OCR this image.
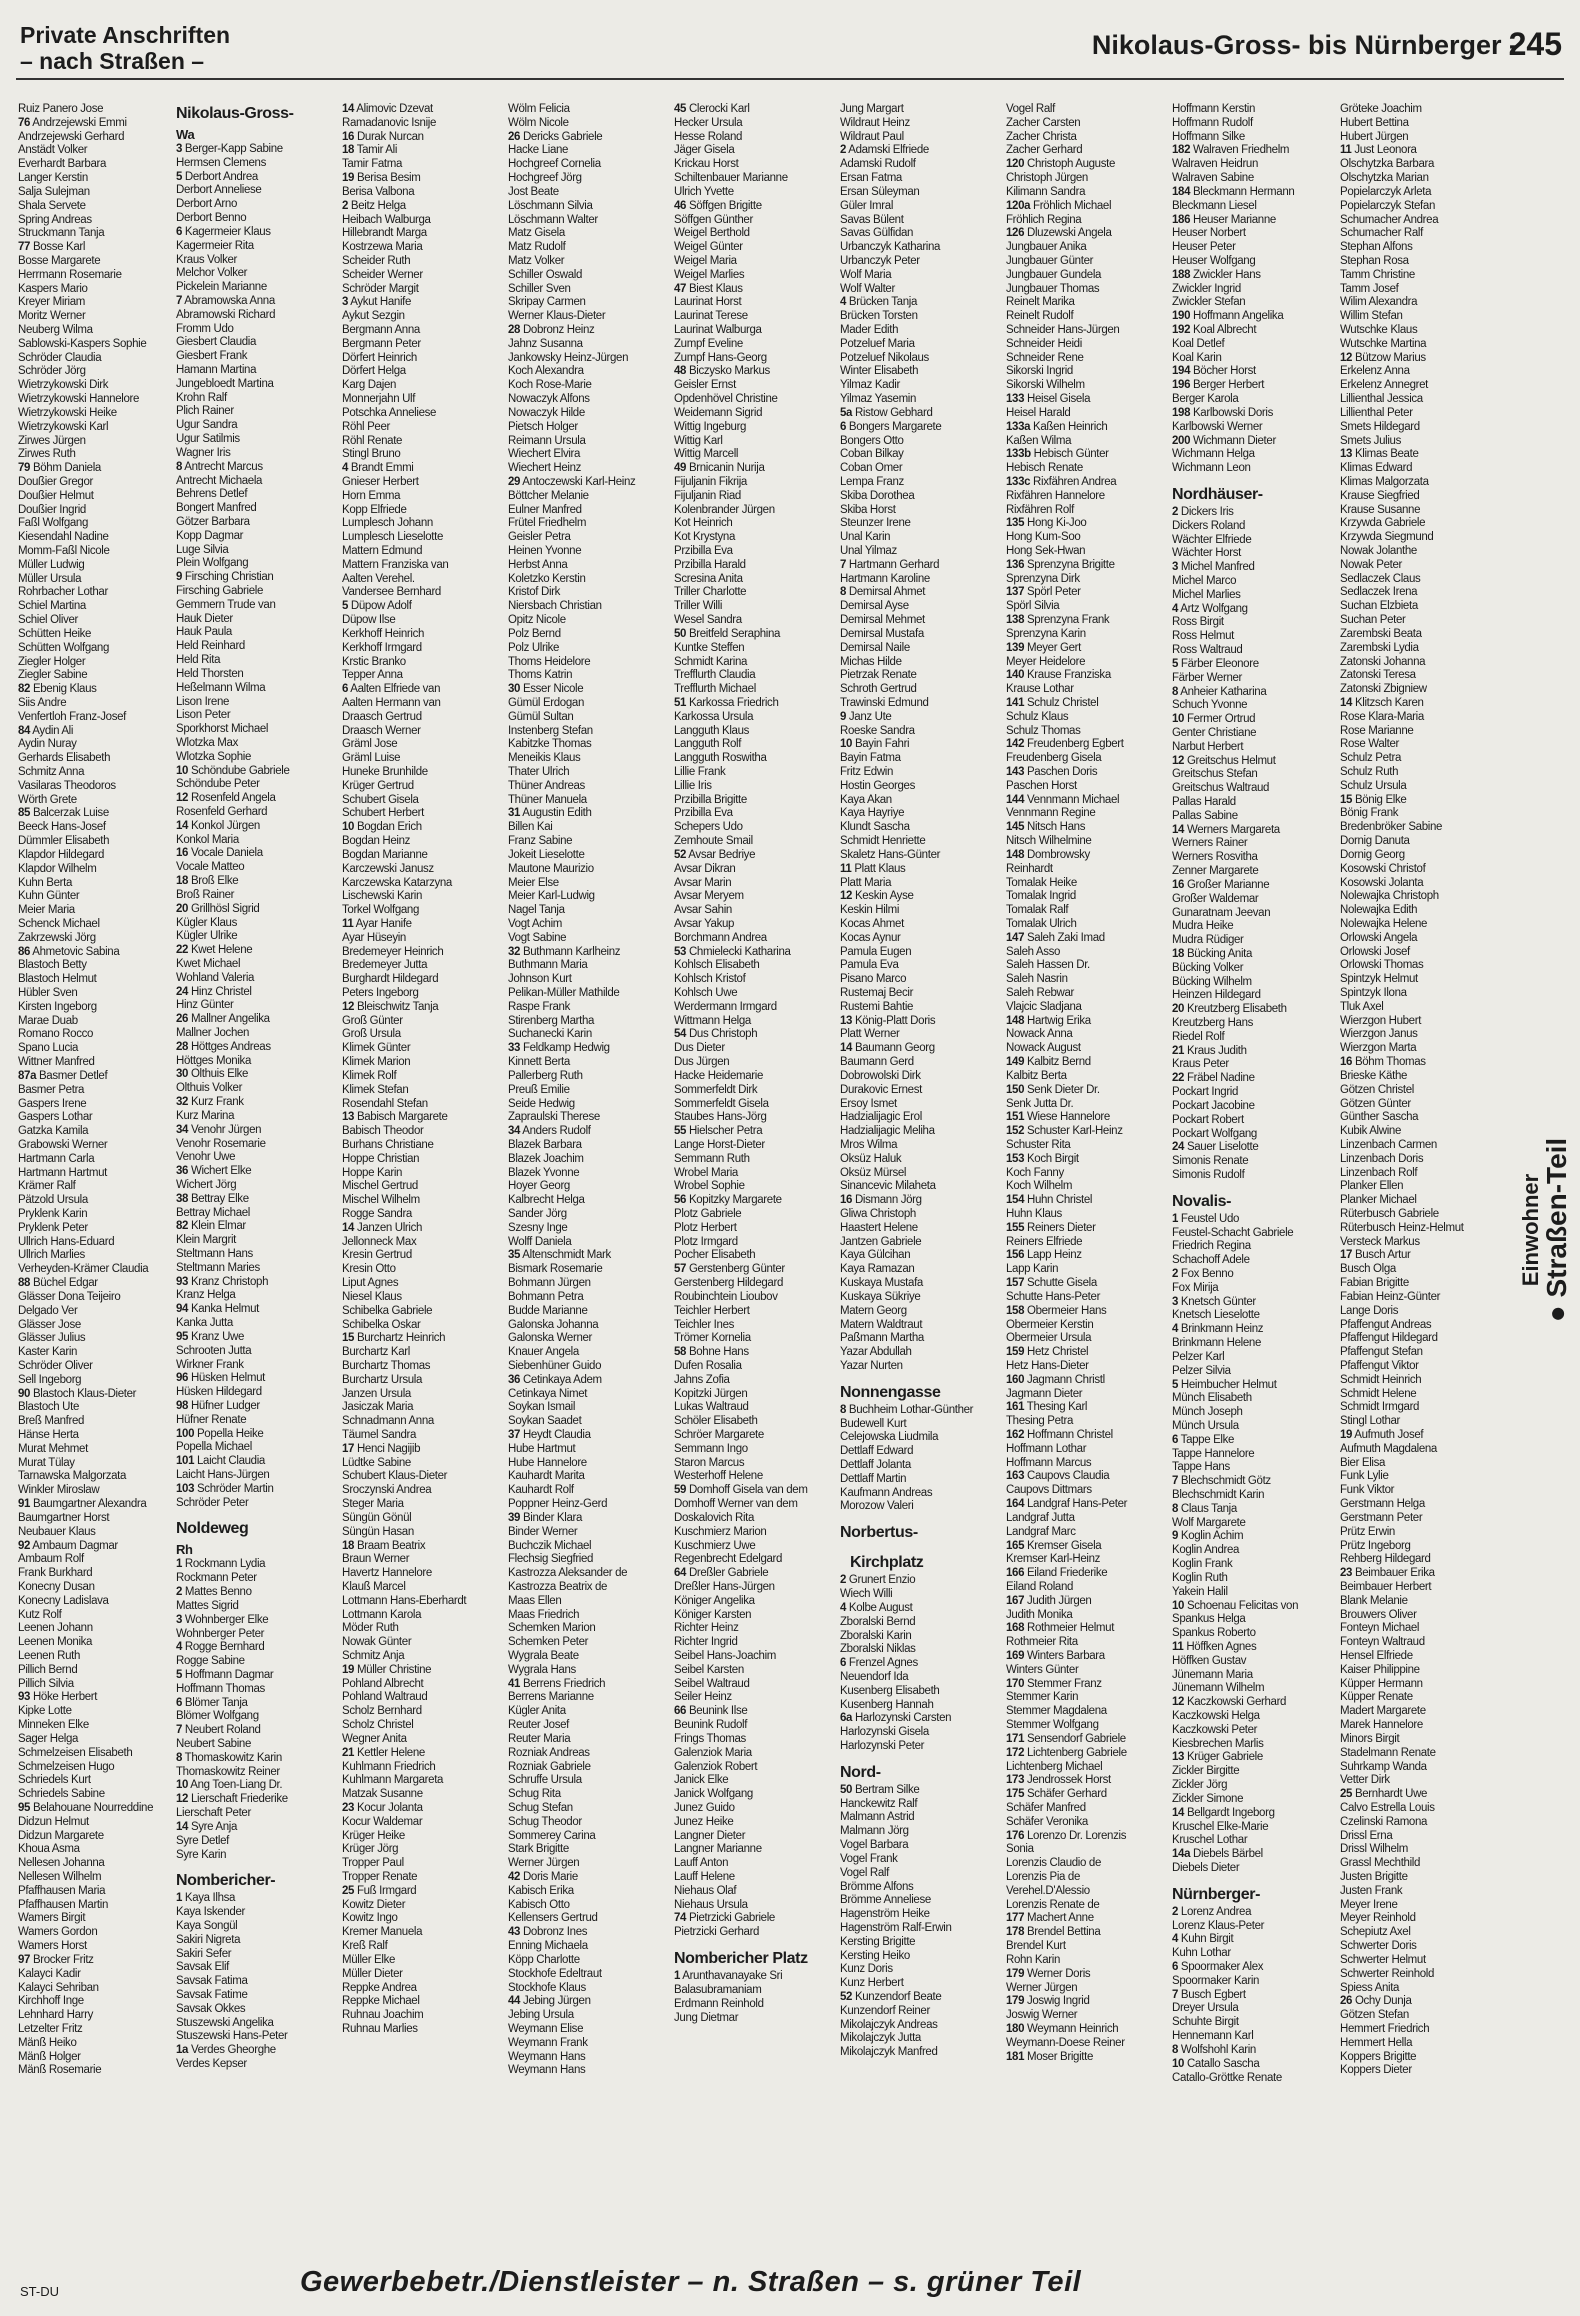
Private Anschriften
– nach Straßen –
Nikolaus-Gross- bis Nürnberger -
245
Ruiz Panero Jose
76 Andrzejewski Emmi
Andrzejewski Gerhard
Anstädt Volker
Everhardt Barbara
Langer Kerstin
Salja Sulejman
Shala Servete
Spring Andreas
Struckmann Tanja
77 Bosse Karl
Bosse Margarete
Herrmann Rosemarie
Kaspers Mario
Kreyer Miriam
Moritz Werner
Neuberg Wilma
Sablowski-Kaspers Sophie
Schröder Claudia
Schröder Jörg
Wietrzykowski Dirk
Wietrzykowski Hannelore
Wietrzykowski Heike
Wietrzykowski Karl
Zirwes Jürgen
Zirwes Ruth
79 Böhm Daniela
Doußier Gregor
Doußier Helmut
Doußier Ingrid
Faßl Wolfgang
Kiesendahl Nadine
Momm-Faßl Nicole
Müller Ludwig
Müller Ursula
Rohrbacher Lothar
Schiel Martina
Schiel Oliver
Schütten Heike
Schütten Wolfgang
Ziegler Holger
Ziegler Sabine
82 Ebenig Klaus
Siis Andre
Venfertloh Franz-Josef
84 Aydin Ali
Aydin Nuray
Gerhards Elisabeth
Schmitz Anna
Vasilaras Theodoros
Wörth Grete
85 Balcerzak Luise
Beeck Hans-Josef
Dümmler Elisabeth
Klapdor Hildegard
Klapdor Wilhelm
Kuhn Berta
Kuhn Günter
Meier Maria
Schenck Michael
Zakrzewski Jörg
86 Ahmetovic Sabina
Blastoch Betty
Blastoch Helmut
Hübler Sven
Kirsten Ingeborg
Marae Duab
Romano Rocco
Spano Lucia
Wittner Manfred
87a Basmer Detlef
Basmer Petra
Gaspers Irene
Gaspers Lothar
Gatzka Kamila
Grabowski Werner
Hartmann Carla
Hartmann Hartmut
Krämer Ralf
Pätzold Ursula
Pryklenk Karin
Pryklenk Peter
Ullrich Hans-Eduard
Ullrich Marlies
Verheyden-Krämer Claudia
88 Büchel Edgar
Glässer Dona Teijeiro
Delgado Ver
Glässer Jose
Glässer Julius
Kaster Karin
Schröder Oliver
Sell Ingeborg
90 Blastoch Klaus-Dieter
Blastoch Ute
Breß Manfred
Hänse Herta
Murat Mehmet
Murat Tülay
Tarnawska Malgorzata
Winkler Miroslaw
91 Baumgartner Alexandra
Baumgartner Horst
Neubauer Klaus
92 Ambaum Dagmar
Ambaum Rolf
Frank Burkhard
Konecny Dusan
Konecny Ladislava
Kutz Rolf
Leenen Johann
Leenen Monika
Leenen Ruth
Pillich Bernd
Pillich Silvia
93 Höke Herbert
Kipke Lotte
Minneken Elke
Sager Helga
Schmelzeisen Elisabeth
Schmelzeisen Hugo
Schriedels Kurt
Schriedels Sabine
95 Belahouane Nourreddine
Didzun Helmut
Didzun Margarete
Khoua Asma
Nellesen Johanna
Nellesen Wilhelm
Pfaffhausen Maria
Pfaffhausen Martin
Wamers Birgit
Wamers Gordon
Wamers Horst
97 Brocker Fritz
Kalayci Kadir
Kalayci Sehriban
Kirchhoff Inge
Lehnhard Harry
Letzelter Fritz
Mänß Heiko
Mänß Holger
Mänß Rosemarie
Nikolaus-Gross-
Wa
3 Berger-Kapp Sabine
Hermsen Clemens
5 Derbort Andrea
Derbort Anneliese
Derbort Arno
Derbort Benno
6 Kagermeier Klaus
Kagermeier Rita
Kraus Volker
Melchor Volker
Pickelein Marianne
7 Abramowska Anna
Abramowski Richard
Fromm Udo
Giesbert Claudia
Giesbert Frank
Hamann Martina
Jungebloedt Martina
Krohn Ralf
Plich Rainer
Ugur Sandra
Ugur Satilmis
Wagner Iris
8 Antrecht Marcus
Antrecht Michaela
Behrens Detlef
Bongert Manfred
Götzer Barbara
Kopp Dagmar
Luge Silvia
Plein Wolfgang
9 Firsching Christian
Firsching Gabriele
Gemmern Trude van
Hauk Dieter
Hauk Paula
Held Reinhard
Held Rita
Held Thorsten
Heßelmann Wilma
Lison Irene
Lison Peter
Sporkhorst Michael
Wlotzka Max
Wlotzka Sophie
10 Schöndube Gabriele
Schöndube Peter
12 Rosenfeld Angela
Rosenfeld Gerhard
14 Konkol Jürgen
Konkol Maria
16 Vocale Daniela
Vocale Matteo
18 Broß Elke
Broß Rainer
20 Grillhösl Sigrid
Kügler Klaus
Kügler Ulrike
22 Kwet Helene
Kwet Michael
Wohland Valeria
24 Hinz Christel
Hinz Günter
26 Mallner Angelika
Mallner Jochen
28 Höttges Andreas
Höttges Monika
30 Olthuis Elke
Olthuis Volker
32 Kurz Frank
Kurz Marina
34 Venohr Jürgen
Venohr Rosemarie
Venohr Uwe
36 Wichert Elke
Wichert Jörg
38 Bettray Elke
Bettray Michael
82 Klein Elmar
Klein Margrit
Steltmann Hans
Steltmann Maries
93 Kranz Christoph
Kranz Helga
94 Kanka Helmut
Kanka Jutta
95 Kranz Uwe
Schrooten Jutta
Wirkner Frank
96 Hüsken Helmut
Hüsken Hildegard
98 Hüfner Ludger
Hüfner Renate
100 Popella Heike
Popella Michael
101 Laicht Claudia
Laicht Hans-Jürgen
103 Schröder Martin
Schröder Peter
Noldeweg
Rh
1 Rockmann Lydia
Rockmann Peter
2 Mattes Benno
Mattes Sigrid
3 Wohnberger Elke
Wohnberger Peter
4 Rogge Bernhard
Rogge Sabine
5 Hoffmann Dagmar
Hoffmann Thomas
6 Blömer Tanja
Blömer Wolfgang
7 Neubert Roland
Neubert Sabine
8 Thomaskowitz Karin
Thomaskowitz Reiner
10 Ang Toen-Liang Dr.
12 Lierschaft Friederike
Lierschaft Peter
14 Syre Anja
Syre Detlef
Syre Karin
Nombericher-
1 Kaya Ilhsa
Kaya Iskender
Kaya Songül
Sakiri Nigreta
Sakiri Sefer
Savsak Elif
Savsak Fatima
Savsak Fatime
Savsak Ökkes
Stuszewski Angelika
Stuszewski Hans-Peter
1a Verdes Gheorghe
Verdes Kepser
14 Alimovic Dzevat
Ramadanovic Isnije
16 Durak Nurcan
18 Tamir Ali
Tamir Fatma
19 Berisa Besim
Berisa Valbona
2 Beitz Helga
Heibach Walburga
Hillebrandt Marga
Kostrzewa Maria
Scheider Ruth
Scheider Werner
Schröder Margit
3 Aykut Hanife
Aykut Sezgin
Bergmann Anna
Bergmann Peter
Dörfert Heinrich
Dörfert Helga
Karg Dajen
Monnerjahn Ulf
Potschka Anneliese
Röhl Peer
Röhl Renate
Stingl Bruno
4 Brandt Emmi
Gnieser Herbert
Horn Emma
Kopp Elfriede
Lumplesch Johann
Lumplesch Lieselotte
Mattern Edmund
Mattern Franziska van
Aalten Verehel.
Vandersee Bernhard
5 Düpow Adolf
Düpow Ilse
Kerkhoff Heinrich
Kerkhoff Irmgard
Krstic Branko
Tepper Anna
6 Aalten Elfriede van
Aalten Hermann van
Draasch Gertrud
Draasch Werner
Gräml Jose
Gräml Luise
Huneke Brunhilde
Krüger Gertrud
Schubert Gisela
Schubert Herbert
10 Bogdan Erich
Bogdan Heinz
Bogdan Marianne
Karczewski Janusz
Karczewska Katarzyna
Lischewski Karin
Torkel Wolfgang
11 Ayar Hanife
Ayar Hüseyin
Bredemeyer Heinrich
Bredemeyer Jutta
Burghardt Hildegard
Peters Ingeborg
12 Bleischwitz Tanja
Groß Günter
Groß Ursula
Klimek Günter
Klimek Marion
Klimek Rolf
Klimek Stefan
Rosendahl Stefan
13 Babisch Margarete
Babisch Theodor
Burhans Christiane
Hoppe Christian
Hoppe Karin
Mischel Gertrud
Mischel Wilhelm
Rogge Sandra
14 Janzen Ulrich
Jellonneck Max
Kresin Gertrud
Kresin Otto
Liput Agnes
Niesel Klaus
Schibelka Gabriele
Schibelka Oskar
15 Burchartz Heinrich
Burchartz Karl
Burchartz Thomas
Burchartz Ursula
Janzen Ursula
Jasiczak Maria
Schnadmann Anna
Täumel Sandra
17 Henci Nagijib
Lüdtke Sabine
Schubert Klaus-Dieter
Sroczynski Andrea
Steger Maria
Süngün Gönül
Süngün Hasan
18 Braam Beatrix
Braun Werner
Havertz Hannelore
Klauß Marcel
Lottmann Hans-Eberhardt
Lottmann Karola
Möder Ruth
Nowak Günter
Schmitz Anja
19 Müller Christine
Pohland Albrecht
Pohland Waltraud
Scholz Bernhard
Scholz Christel
Wegner Anita
21 Kettler Helene
Kuhlmann Friedrich
Kuhlmann Margareta
Matzak Susanne
23 Kocur Jolanta
Kocur Waldemar
Krüger Heike
Krüger Jörg
Tropper Paul
Tropper Renate
25 Fuß Irmgard
Kowitz Dieter
Kowitz Ingo
Kremer Manuela
Kreß Ralf
Müller Elke
Müller Dieter
Reppke Andrea
Reppke Michael
Ruhnau Joachim
Ruhnau Marlies
Wölm Felicia
Wölm Nicole
26 Dericks Gabriele
Hacke Liane
Hochgreef Cornelia
Hochgreef Jörg
Jost Beate
Löschmann Silvia
Löschmann Walter
Matz Gisela
Matz Rudolf
Matz Volker
Schiller Oswald
Schiller Sven
Skripay Carmen
Werner Klaus-Dieter
28 Dobronz Heinz
Jahnz Susanna
Jankowsky Heinz-Jürgen
Koch Alexandra
Koch Rose-Marie
Nowaczyk Alfons
Nowaczyk Hilde
Pietsch Holger
Reimann Ursula
Wiechert Elvira
Wiechert Heinz
29 Antoczewski Karl-Heinz
Böttcher Melanie
Eulner Manfred
Frütel Friedhelm
Geisler Petra
Heinen Yvonne
Herbst Anna
Koletzko Kerstin
Kristof Dirk
Niersbach Christian
Opitz Nicole
Polz Bernd
Polz Ulrike
Thoms Heidelore
Thoms Katrin
30 Esser Nicole
Gümül Erdogan
Gümül Sultan
Instenberg Stefan
Kabitzke Thomas
Meneikis Klaus
Thater Ulrich
Thüner Andreas
Thüner Manuela
31 Augustin Edith
Billen Kai
Franz Sabine
Jokeit Lieselotte
Mautone Maurizio
Meier Else
Meier Karl-Ludwig
Nagel Tanja
Vogt Achim
Vogt Sabine
32 Buthmann Karlheinz
Buthmann Maria
Johnson Kurt
Pelikan-Müller Mathilde
Raspe Frank
Stirenberg Martha
Suchanecki Karin
33 Feldkamp Hedwig
Kinnett Berta
Pallerberg Ruth
Preuß Emilie
Seide Hedwig
Zapraulski Therese
34 Anders Rudolf
Blazek Barbara
Blazek Joachim
Blazek Yvonne
Hoyer Georg
Kalbrecht Helga
Sander Jörg
Szesny Inge
Wolff Daniela
35 Altenschmidt Mark
Bismark Rosemarie
Bohmann Jürgen
Bohmann Petra
Budde Marianne
Galonska Johanna
Galonska Werner
Knauer Angela
Siebenhüner Guido
36 Cetinkaya Adem
Cetinkaya Nimet
Soykan Ismail
Soykan Saadet
37 Heydt Claudia
Hube Hartmut
Hube Hannelore
Kauhardt Marita
Kauhardt Rolf
Poppner Heinz-Gerd
39 Binder Klara
Binder Werner
Buchczik Michael
Flechsig Siegfried
Kastrozza Aleksander de
Kastrozza Beatrix de
Maas Ellen
Maas Friedrich
Schemken Marion
Schemken Peter
Wygrala Beate
Wygrala Hans
41 Berrens Friedrich
Berrens Marianne
Kügler Anita
Reuter Josef
Reuter Maria
Rozniak Andreas
Rozniak Gabriele
Schruffe Ursula
Schug Rita
Schug Stefan
Schug Theodor
Sommerey Carina
Stark Brigitte
Werner Jürgen
42 Doris Marie
Kabisch Erika
Kabisch Otto
Kellensers Gertrud
43 Dobronz Ines
Enning Michaela
Köpp Charlotte
Stockhofe Edeltraut
Stockhofe Klaus
44 Jebing Jürgen
Jebing Ursula
Weymann Elise
Weymann Frank
Weymann Hans
Weymann Hans
45 Clerocki Karl
Hecker Ursula
Hesse Roland
Jäger Gisela
Krickau Horst
Schiltenbauer Marianne
Ulrich Yvette
46 Söffgen Brigitte
Söffgen Günther
Weigel Berthold
Weigel Günter
Weigel Maria
Weigel Marlies
47 Biest Klaus
Laurinat Horst
Laurinat Terese
Laurinat Walburga
Zumpf Eveline
Zumpf Hans-Georg
48 Biczysko Markus
Geisler Ernst
Opdenhövel Christine
Weidemann Sigrid
Wittig Ingeburg
Wittig Karl
Wittig Marcell
49 Brnicanin Nurija
Fijuljanin Fikrija
Fijuljanin Riad
Kolenbrander Jürgen
Kot Heinrich
Kot Krystyna
Przibilla Eva
Przibilla Harald
Scresina Anita
Triller Charlotte
Triller Willi
Wesel Sandra
50 Breitfeld Seraphina
Kuntke Steffen
Schmidt Karina
Trefflurth Claudia
Trefflurth Michael
51 Karkossa Friedrich
Karkossa Ursula
Langguth Klaus
Langguth Rolf
Langguth Roswitha
Lillie Frank
Lillie Iris
Przibilla Brigitte
Przibilla Eva
Schepers Udo
Zemhoute Smail
52 Avsar Bedriye
Avsar Dikran
Avsar Marin
Avsar Meryem
Avsar Sahin
Avsar Yakup
Borchmann Andrea
53 Chmielecki Katharina
Kohlsch Elisabeth
Kohlsch Kristof
Kohlsch Uwe
Werdermann Irmgard
Wittmann Helga
54 Dus Christoph
Dus Dieter
Dus Jürgen
Hacke Heidemarie
Sommerfeldt Dirk
Sommerfeldt Gisela
Staubes Hans-Jörg
55 Hielscher Petra
Lange Horst-Dieter
Semmann Ruth
Wrobel Maria
Wrobel Sophie
56 Kopitzky Margarete
Plotz Gabriele
Plotz Herbert
Plotz Irmgard
Pocher Elisabeth
57 Gerstenberg Günter
Gerstenberg Hildegard
Roubinchtein Lioubov
Teichler Herbert
Teichler Ines
Trömer Kornelia
58 Bohne Hans
Dufen Rosalia
Jahns Zofia
Kopitzki Jürgen
Lukas Waltraud
Schöler Elisabeth
Schröer Margarete
Semmann Ingo
Staron Marcus
Westerhoff Helene
59 Domhoff Gisela van dem
Domhoff Werner van dem
Doskalovich Rita
Kuschmierz Marion
Kuschmierz Uwe
Regenbrecht Edelgard
64 Dreßler Gabriele
Dreßler Hans-Jürgen
Königer Angelika
Königer Karsten
Richter Heinz
Richter Ingrid
Seibel Hans-Joachim
Seibel Karsten
Seibel Waltraud
Seiler Heinz
66 Beunink Ilse
Beunink Rudolf
Frings Thomas
Galenziok Maria
Galenziok Robert
Janick Elke
Janick Wolfgang
Junez Guido
Junez Heike
Langner Dieter
Langner Marianne
Lauff Anton
Lauff Helene
Niehaus Olaf
Niehaus Ursula
74 Pietrzicki Gabriele
Pietrzicki Gerhard
Nombericher Platz
1 Arunthavanayake Sri
Balasubramaniam
Erdmann Reinhold
Jung Dietmar
Jung Margart
Wildraut Heinz
Wildraut Paul
2 Adamski Elfriede
Adamski Rudolf
Ersan Fatma
Ersan Süleyman
Güler Imral
Savas Bülent
Savas Gülfidan
Urbanczyk Katharina
Urbanczyk Peter
Wolf Maria
Wolf Walter
4 Brücken Tanja
Brücken Torsten
Mader Edith
Potzeluef Maria
Potzeluef Nikolaus
Winter Elisabeth
Yilmaz Kadir
Yilmaz Yasemin
5a Ristow Gebhard
6 Bongers Margarete
Bongers Otto
Coban Bilkay
Coban Ömer
Lempa Franz
Skiba Dorothea
Skiba Horst
Steunzer Irene
Ünal Karin
Ünal Yilmaz
7 Hartmann Gerhard
Hartmann Karoline
8 Demirsal Ahmet
Demirsal Ayse
Demirsal Mehmet
Demirsal Mustafa
Demirsal Naile
Michas Hilde
Pietrzak Renate
Schroth Gertrud
Trawinski Edmund
9 Janz Ute
Roeske Sandra
10 Bayin Fahri
Bayin Fatma
Fritz Edwin
Hostin Georges
Kaya Akan
Kaya Hayriye
Klundt Sascha
Schmidt Henriette
Skaletz Hans-Günter
11 Platt Klaus
Platt Maria
12 Keskin Ayse
Keskin Hilmi
Kocas Ahmet
Kocas Aynur
Pamula Eugen
Pamula Eva
Pisano Marco
Rustemaj Becir
Rustemi Bahtie
13 König-Platt Doris
Platt Werner
14 Baumann Georg
Baumann Gerd
Dobrowolski Dirk
Durakovic Ernest
Ersoy Ismet
Hadzialijagic Erol
Hadzialijagic Meliha
Mros Wilma
Öksüz Haluk
Öksüz Mürsel
Sinancevic Milaheta
16 Dismann Jörg
Gliwa Christoph
Haastert Helene
Jantzen Gabriele
Kaya Gülcihan
Kaya Ramazan
Kuskaya Mustafa
Kuskaya Sükriye
Matern Georg
Matern Waldtraut
Paßmann Martha
Yazar Abdullah
Yazar Nurten
Nonnengasse
8 Buchheim Lothar-Günther
Budewell Kurt
Celejowska Liudmila
Dettlaff Edward
Dettlaff Jolanta
Dettlaff Martin
Kaufmann Andreas
Morozow Valeri
Norbertus-
Kirchplatz
2 Grunert Enzio
Wiech Willi
4 Kolbe August
Zboralski Bernd
Zboralski Karin
Zboralski Niklas
6 Frenzel Agnes
Neuendorf Ida
Kusenberg Elisabeth
Kusenberg Hannah
6a Harlozynski Carsten
Harlozynski Gisela
Harlozynski Peter
Nord-
50 Bertram Silke
Hanckewitz Ralf
Malmann Astrid
Malmann Jörg
Vogel Barbara
Vogel Frank
Vogel Ralf
Brömme Alfons
Brömme Anneliese
Hagenström Heike
Hagenström Ralf-Erwin
Kersting Brigitte
Kersting Heiko
Kunz Doris
Kunz Herbert
52 Kunzendorf Beate
Kunzendorf Reiner
Mikolajczyk Andreas
Mikolajczyk Jutta
Mikolajczyk Manfred
Vogel Ralf
Zacher Carsten
Zacher Christa
Zacher Gerhard
120 Christoph Auguste
Christoph Jürgen
Kilimann Sandra
120a Fröhlich Michael
Fröhlich Regina
126 Dluzewski Angela
Jungbauer Anika
Jungbauer Günter
Jungbauer Gundela
Jungbauer Thomas
Reinelt Marika
Reinelt Rudolf
Schneider Hans-Jürgen
Schneider Heidi
Schneider Rene
Sikorski Ingrid
Sikorski Wilhelm
133 Heisel Gisela
Heisel Harald
133a Kaßen Heinrich
Kaßen Wilma
133b Hebisch Günter
Hebisch Renate
133c Rixfähren Andrea
Rixfähren Hannelore
Rixfähren Rolf
135 Hong Ki-Joo
Hong Kum-Soo
Hong Sek-Hwan
136 Sprenzyna Brigitte
Sprenzyna Dirk
137 Spörl Peter
Spörl Silvia
138 Sprenzyna Frank
Sprenzyna Karin
139 Meyer Gert
Meyer Heidelore
140 Krause Franziska
Krause Lothar
141 Schulz Christel
Schulz Klaus
Schulz Thomas
142 Freudenberg Egbert
Freudenberg Gisela
143 Paschen Doris
Paschen Horst
144 Vennmann Michael
Vennmann Regine
145 Nitsch Hans
Nitsch Wilhelmine
148 Dombrowsky
Reinhardt
Tomalak Heike
Tomalak Ingrid
Tomalak Ralf
Tomalak Ulrich
147 Saleh Zaki Imad
Saleh Asso
Saleh Hassen Dr.
Saleh Nasrin
Saleh Rebwar
Vlajcic Sladjana
148 Hartwig Erika
Nowack Anna
Nowack August
149 Kalbitz Bernd
Kalbitz Berta
150 Senk Dieter Dr.
Senk Jutta Dr.
151 Wiese Hannelore
152 Schuster Karl-Heinz
Schuster Rita
153 Koch Birgit
Koch Fanny
Koch Wilhelm
154 Huhn Christel
Huhn Klaus
155 Reiners Dieter
Reiners Elfriede
156 Lapp Heinz
Lapp Karin
157 Schutte Gisela
Schutte Hans-Peter
158 Obermeier Hans
Obermeier Kerstin
Obermeier Ursula
159 Hetz Christel
Hetz Hans-Dieter
160 Jagmann Christl
Jagmann Dieter
161 Thesing Karl
Thesing Petra
162 Hoffmann Christel
Hoffmann Lothar
Hoffmann Marcus
163 Caupovs Claudia
Caupovs Dittmars
164 Landgraf Hans-Peter
Landgraf Jutta
Landgraf Marc
165 Kremser Gisela
Kremser Karl-Heinz
166 Eiland Friederike
Eiland Roland
167 Judith Jürgen
Judith Monika
168 Rothmeier Helmut
Rothmeier Rita
169 Winters Barbara
Winters Günter
170 Stemmer Franz
Stemmer Karin
Stemmer Magdalena
Stemmer Wolfgang
171 Sensendorf Gabriele
172 Lichtenberg Gabriele
Lichtenberg Michael
173 Jendrossek Horst
175 Schäfer Gerhard
Schäfer Manfred
Schäfer Veronika
176 Lorenzo Dr. Lorenzis
Sonia
Lorenzis Claudio de
Lorenzis Pia de
Verehel.D'Alessio
Lorenzis Renate de
177 Machert Anne
178 Brendel Bettina
Brendel Kurt
Rohn Karin
179 Werner Doris
Werner Jürgen
179 Joswig Ingrid
Joswig Werner
180 Weymann Heinrich
Weymann-Doese Reiner
181 Moser Brigitte
Hoffmann Kerstin
Hoffmann Rudolf
Hoffmann Silke
182 Walraven Friedhelm
Walraven Heidrun
Walraven Sabine
184 Bleckmann Hermann
Bleckmann Liesel
186 Heuser Marianne
Heuser Norbert
Heuser Peter
Heuser Wolfgang
188 Zwickler Hans
Zwickler Ingrid
Zwickler Stefan
190 Hoffmann Angelika
192 Koal Albrecht
Koal Detlef
Koal Karin
194 Böcher Horst
196 Berger Herbert
Berger Karola
198 Karlbowski Doris
Karlbowski Werner
200 Wichmann Dieter
Wichmann Helga
Wichmann Leon
Nordhäuser-
2 Dickers Iris
Dickers Roland
Wächter Elfriede
Wächter Horst
3 Michel Manfred
Michel Marco
Michel Marlies
4 Artz Wolfgang
Ross Birgit
Ross Helmut
Ross Waltraud
5 Färber Eleonore
Färber Werner
8 Anheier Katharina
Schuch Yvonne
10 Fermer Ortrud
Genter Christiane
Narbut Herbert
12 Greitschus Helmut
Greitschus Stefan
Greitschus Waltraud
Pallas Harald
Pallas Sabine
14 Werners Margareta
Werners Rainer
Werners Rosvitha
Zenner Margarete
16 Großer Marianne
Großer Waldemar
Gunaratnam Jeevan
Mudra Heike
Mudra Rüdiger
18 Bücking Anita
Bücking Volker
Bücking Wilhelm
Heinzen Hildegard
20 Kreutzberg Elisabeth
Kreutzberg Hans
Riedel Rolf
21 Kraus Judith
Kraus Peter
22 Fräbel Nadine
Pockart Ingrid
Pockart Jacobine
Pockart Robert
Pockart Wolfgang
24 Sauer Liselotte
Simonis Renate
Simonis Rudolf
Novalis-
1 Feustel Udo
Feustel-Schacht Gabriele
Friedrich Regina
Schachoff Adele
2 Fox Benno
Fox Mirija
3 Knetsch Günter
Knetsch Lieselotte
4 Brinkmann Heinz
Brinkmann Helene
Pelzer Karl
Pelzer Silvia
5 Heimbucher Helmut
Münch Elisabeth
Münch Joseph
Münch Ursula
6 Tappe Elke
Tappe Hannelore
Tappe Hans
7 Blechschmidt Götz
Blechschmidt Karin
8 Claus Tanja
Wolf Margarete
9 Koglin Achim
Koglin Andrea
Koglin Frank
Koglin Ruth
Yakein Halil
10 Schoenau Felicitas von
Spankus Helga
Spankus Roberto
11 Höffken Agnes
Höffken Gustav
Jünemann Maria
Jünemann Wilhelm
12 Kaczkowski Gerhard
Kaczkowski Helga
Kaczkowski Peter
Kiesbrechen Marlis
13 Krüger Gabriele
Zickler Birgitte
Zickler Jörg
Zickler Simone
14 Bellgardt Ingeborg
Kruschel Elke-Marie
Kruschel Lothar
14a Diebels Bärbel
Diebels Dieter
Nürnberger-
2 Lorenz Andrea
Lorenz Klaus-Peter
4 Kuhn Birgit
Kuhn Lothar
6 Spoormaker Alex
Spoormaker Karin
7 Busch Egbert
Dreyer Ursula
Schuhte Birgit
Hennemann Karl
8 Wolfshohl Karin
10 Catallo Sascha
Catallo-Gröttke Renate
Gröteke Joachim
Hubert Bettina
Hubert Jürgen
11 Just Leonora
Olschytzka Barbara
Olschytzka Marian
Popielarczyk Arleta
Popielarczyk Stefan
Schumacher Andrea
Schumacher Ralf
Stephan Alfons
Stephan Rosa
Tamm Christine
Tamm Josef
Wilim Alexandra
Willim Stefan
Wutschke Klaus
Wutschke Martina
12 Bützow Marius
Erkelenz Anna
Erkelenz Annegret
Lillienthal Jessica
Lillienthal Peter
Smets Hildegard
Smets Julius
13 Klimas Beate
Klimas Edward
Klimas Malgorzata
Krause Siegfried
Krause Susanne
Krzywda Gabriele
Krzywda Siegmund
Nowak Jolanthe
Nowak Peter
Sedlaczek Claus
Sedlaczek Irena
Suchan Elzbieta
Suchan Peter
Zarembski Beata
Zarembski Lydia
Zatonski Johanna
Zatonski Teresa
Zatonski Zbigniew
14 Klitzsch Karen
Rose Klara-Maria
Rose Marianne
Rose Walter
Schulz Petra
Schulz Ruth
Schulz Ursula
15 Bönig Elke
Bönig Frank
Bredenbröker Sabine
Dornig Danuta
Dornig Georg
Kosowski Christof
Kosowski Jolanta
Nolewajka Christoph
Nolewajka Edith
Nolewajka Helene
Orlowski Angela
Orlowski Josef
Orlowski Thomas
Spintzyk Helmut
Spintzyk Ilona
Tluk Axel
Wierzgon Hubert
Wierzgon Janus
Wierzgon Marta
16 Böhm Thomas
Brieske Käthe
Götzen Christel
Götzen Günter
Günther Sascha
Kubik Alwine
Linzenbach Carmen
Linzenbach Doris
Linzenbach Rolf
Planker Ellen
Planker Michael
Rüterbusch Gabriele
Rüterbusch Heinz-Helmut
Versteck Markus
17 Busch Artur
Busch Olga
Fabian Brigitte
Fabian Heinz-Günter
Lange Doris
Pfaffengut Andreas
Pfaffengut Hildegard
Pfaffengut Stefan
Pfaffengut Viktor
Schmidt Heinrich
Schmidt Helene
Schmidt Irmgard
Stingl Lothar
19 Aufmuth Josef
Aufmuth Magdalena
Bier Elisa
Funk Lylie
Funk Viktor
Gerstmann Helga
Gerstmann Peter
Prütz Erwin
Prütz Ingeborg
Rehberg Hildegard
23 Beimbauer Erika
Beimbauer Herbert
Blank Melanie
Brouwers Oliver
Fonteyn Michael
Fonteyn Waltraud
Hensel Elfriede
Kaiser Philippine
Küpper Hermann
Küpper Renate
Madert Margarete
Marek Hannelore
Minors Birgit
Stadelmann Renate
Suhrkamp Wanda
Vetter Dirk
25 Bernhardt Uwe
Calvo Estrella Louis
Czelinski Ramona
Drissl Erna
Drissl Wilhelm
Grassl Mechthild
Justen Brigitte
Justen Frank
Meyer Irene
Meyer Reinhold
Schepiutz Axel
Schwerter Doris
Schwerter Helmut
Schwerter Reinhold
Spiess Anita
26 Ochy Dunja
Götzen Stefan
Hemmert Friedrich
Hemmert Hella
Koppers Brigitte
Koppers Dieter
Einwohner
● Straßen-Teil
ST-DU	Gewerbebetr./Dienstleister – n. Straßen – s. grüner Teil
